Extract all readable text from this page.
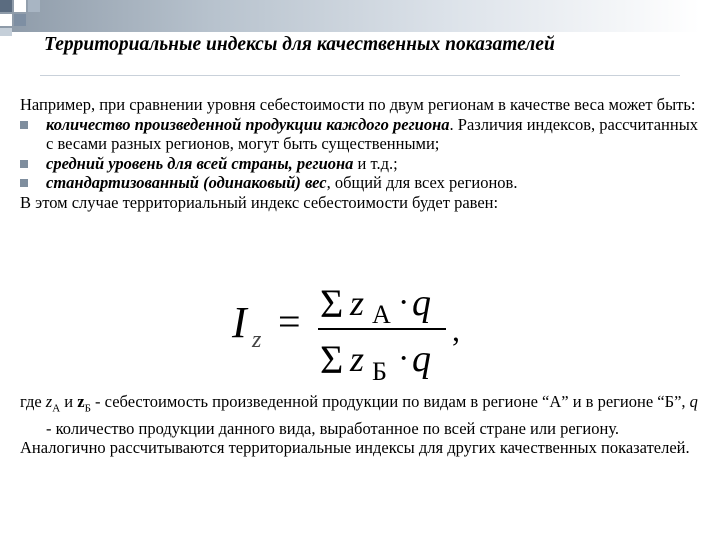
Территориальные индексы для качественных показателей

Например, при сравнении уровня себестоимости по двум регионам в качестве веса может быть:

количество произведенной продукции каждого региона. Различия индексов, рассчитанных с весами разных регионов, могут быть существенными;

средний уровень для всей страны, региона и т.д.;

стандартизованный (одинаковый) вес, общий для всех регионов.

В этом случае территориальный индекс себестоимости будет равен:

I z = Σ z А · q
Σ z Б · q
,

где $z_А$ и $z_Б$ - себестоимость произведенной продукции по видам в регионе “А” и в регионе “Б”, q - количество продукции данного вида, выработанное по всей стране или региону.

Аналогично рассчитываются территориальные индексы для других качественных показателей.
